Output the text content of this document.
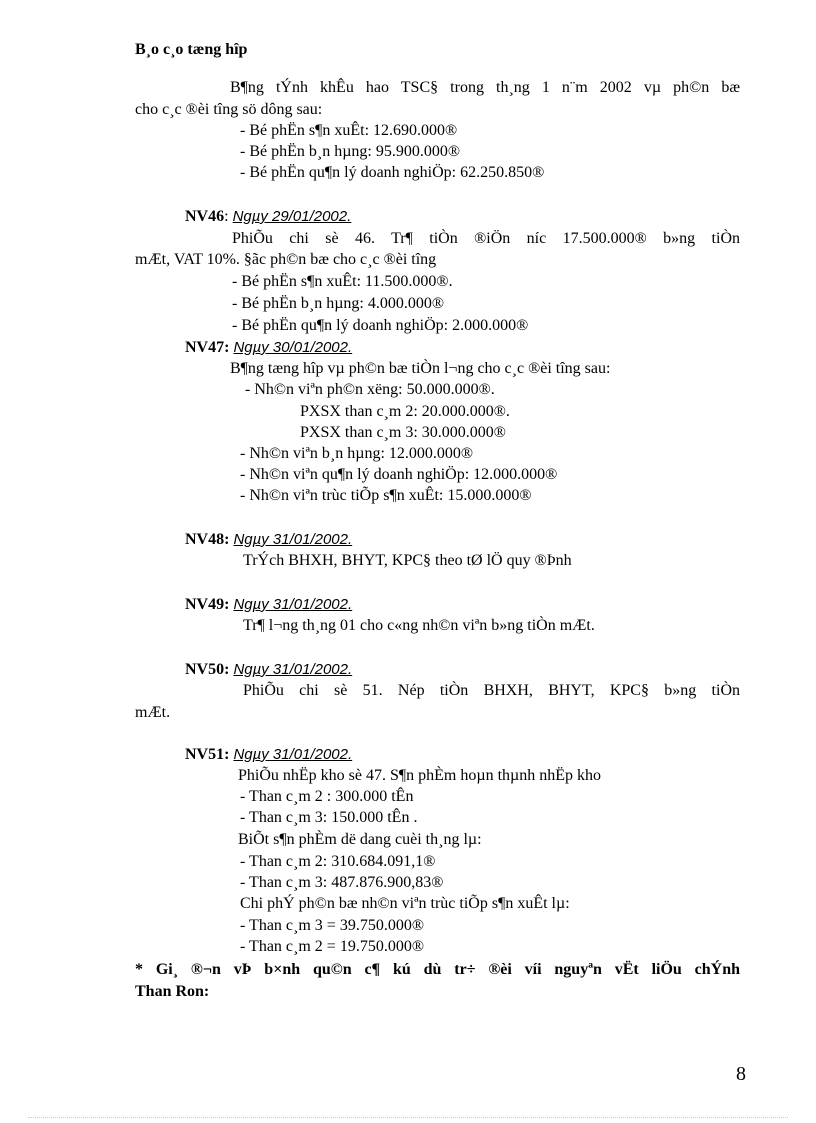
B¸o c¸o tæng hîp
B¶ng tÝnh khÊu hao TSC§ trong th¸ng 1 n¨m 2002 vµ ph©n bæ
cho c¸c ®èi tîng sö dông sau:
- Bé phËn s¶n xuÊt: 12.690.000®
- Bé phËn b¸n hµng: 95.900.000®
- Bé phËn qu¶n lý doanh nghiÖp: 62.250.850®
NV46: Ngµy 29/01/2002.
PhiÕu chi sè 46. Tr¶ tiÒn ®iÖn níc 17.500.000® b»ng tiÒn
mÆt, VAT 10%. §ãc ph©n bæ cho c¸c ®èi tîng
- Bé phËn s¶n xuÊt: 11.500.000®.
- Bé phËn b¸n hµng: 4.000.000®
- Bé phËn qu¶n lý doanh nghiÖp: 2.000.000®
NV47: Ngµy 30/01/2002.
B¶ng tæng hîp vµ ph©n bæ tiÒn l¬ng cho c¸c ®èi tîng sau:
- Nh©n viªn ph©n xëng: 50.000.000®.
PXSX than c¸m 2: 20.000.000®.
PXSX than c¸m 3: 30.000.000®
- Nh©n viªn b¸n hµng: 12.000.000®
- Nh©n viªn qu¶n lý doanh nghiÖp: 12.000.000®
- Nh©n viªn trùc tiÕp s¶n xuÊt: 15.000.000®
NV48: Ngµy 31/01/2002.
TrÝch BHXH, BHYT, KPC§ theo tØ lÖ quy ®Þnh
NV49: Ngµy 31/01/2002.
Tr¶ l¬ng th¸ng 01 cho c«ng nh©n viªn b»ng tiÒn mÆt.
NV50: Ngµy 31/01/2002.
PhiÕu chi sè 51. Nép tiÒn BHXH, BHYT, KPC§ b»ng tiÒn
mÆt.
NV51: Ngµy 31/01/2002.
PhiÕu nhËp kho sè 47. S¶n phÈm hoµn thµnh nhËp kho
- Than c¸m 2 : 300.000 tÊn
- Than c¸m 3: 150.000 tÊn .
BiÕt s¶n phÈm dë dang cuèi th¸ng lµ:
- Than c¸m 2: 310.684.091,1®
- Than c¸m 3: 487.876.900,83®
Chi phÝ ph©n bæ nh©n viªn trùc tiÕp s¶n xuÊt lµ:
- Than c¸m 3 = 39.750.000®
- Than c¸m 2 = 19.750.000®
* Gi¸ ®¬n vÞ b×nh qu©n c¶ kú dù tr÷ ®èi víi nguyªn vËt liÖu chÝnh
Than Ron:
8
